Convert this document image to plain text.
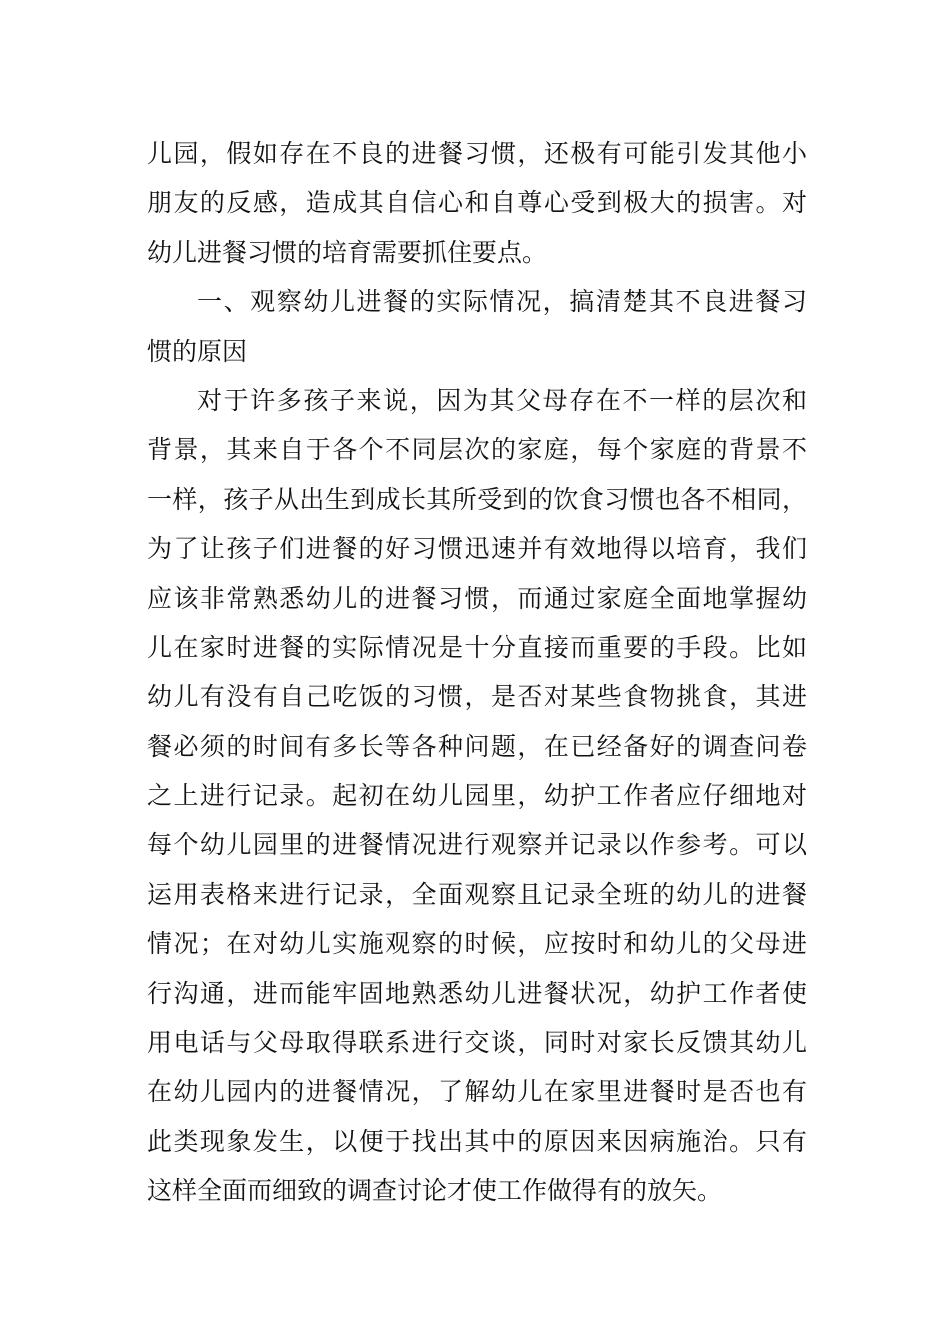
儿园，假如存在不良的进餐习惯，还极有可能引发其他小
朋友的反感，造成其自信心和自尊心受到极大的损害。对
幼儿进餐习惯的培育需要抓住要点。
一、观察幼儿进餐的实际情况，搞清楚其不良进餐习
惯的原因
对于许多孩子来说，因为其父母存在不一样的层次和
背景，其来自于各个不同层次的家庭，每个家庭的背景不
一样，孩子从出生到成长其所受到的饮食习惯也各不相同，
为了让孩子们进餐的好习惯迅速并有效地得以培育，我们
应该非常熟悉幼儿的进餐习惯，而通过家庭全面地掌握幼
儿在家时进餐的实际情况是十分直接而重要的手段。比如
幼儿有没有自己吃饭的习惯，是否对某些食物挑食，其进
餐必须的时间有多长等各种问题，在已经备好的调查问卷
之上进行记录。起初在幼儿园里，幼护工作者应仔细地对
每个幼儿园里的进餐情况进行观察并记录以作参考。可以
运用表格来进行记录，全面观察且记录全班的幼儿的进餐
情况；在对幼儿实施观察的时候，应按时和幼儿的父母进
行沟通，进而能牢固地熟悉幼儿进餐状况，幼护工作者使
用电话与父母取得联系进行交谈，同时对家长反馈其幼儿
在幼儿园内的进餐情况，了解幼儿在家里进餐时是否也有
此类现象发生，以便于找出其中的原因来因病施治。只有
这样全面而细致的调查讨论才使工作做得有的放矢。
